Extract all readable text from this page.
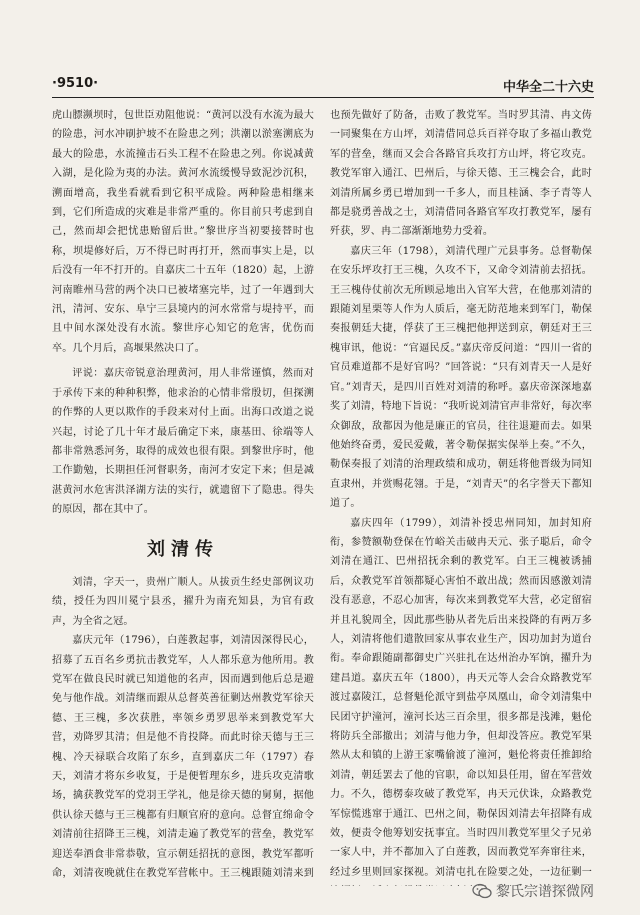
·9510·	中华全二十六史

虎山膘濒坝时，包世臣劝阻他说：“黄河以没有水流为最大的险患，河水冲刷护坡不在险患之列；洪潮以淤塞溯底为最大的险患，水流撞击石头工程不在险患之列。你说减黄入湖，是化险为夷的办法。黄河水流缓慢导致泥沙沉积，溯面增高，我坐看就看到它积平成险。两种险患相继来到，它们所造成的灾难是非常严重的。你目前只考虑到自己，然而却会把忧患贻留后世。”黎世序当初要接替时也称，坝堤修好后，万不得已时再打开，然而事实上是，以后没有一年不打开的。自嘉庆二十五年（1820）起，上游河南睢州马营的两个决口已被堵塞完毕，过了一年遇到大汛，清河、安东、阜宁三县境内的河水常常与堤持平，而且中间水深处没有水流。黎世序心知它的危害，优伤而卒。几个月后，高堰果然决口了。

评说：嘉庆帝锐意治理黄河，用人非常谨慎，然而对于承传下来的种种积弊，他求治的心情非常殷切，但探溯的作弊的人更以欺作的手段来对付上面。出海口改道之说兴起，讨论了几十年才最后确定下来，康基田、徐端等人都非常熟悉河务，取得的成效也很有限。到黎世序时，他工作勤勉，长期担任河督职务，南河才安定下来；但是减湛黄河水危害洪泽湖方法的实行，就遗留下了隐患。得失的原因，都在其中了。

刘清传

刘清，字天一，贵州广顺人。从拔贡生经史部例议功绩，授任为四川冕宁县丞，擢升为南充知县，为官有政声，为全省之冠。

嘉庆元年（1796），白莲教起事，刘清因深得民心，招募了五百名乡勇抗击教党军，人人都乐意为他所用。教党军在做良民时就已知道他的名声，因而遇到他后总是避免与他作战。刘清继而跟从总督英善征剿达州教党军徐天德、王三槐，多次获胜，率领乡勇罗思举来到教党军大营，劝降罗其清；但是他不肯投降。而此时徐天德与王三槐、冷天禄联合攻陷了东乡，直到嘉庆二年（1797）春天，刘清才将东乡收复，于是便暂理东乡，进兵攻克清歌场，擒获教党军的党羽王学礼，他是徐天德的舅舅，据他供认徐天德与王三槐都有归顺官府的意向。总督宜绵命令刘清前往招降王三槐，刘清走遍了教党军的营垒，教党军迎送奉酒食非常恭敬，宣示朝廷招抚的意图，教党军都听命，刘清夜晚就住在教党军营帐中。王三槐跟随刘清来到

也预先做好了防备，击败了教党军。当时罗其清、冉文俦一同聚集在方山坪，刘清借同总兵百祥夺取了多福山教党军的营垒，继而又会合各路官兵攻打方山坪，将它攻克。教党军窜入通江、巴州后，与徐天德、王三槐会合，此时刘清所属乡勇已增加到一千多人，而且桂涵、李子青等人都是骁勇善战之士，刘清借同各路官军攻打教党军，屡有歼获，罗、冉二部渐渐地势力受着。

嘉庆三年（1798），刘清代理广元县事务。总督勒保在安乐坪攻打王三槐，久攻不下，又命令刘清前去招抚。王三槐侍仗前次无所顾忌地出入官军大营，在他那刘清的跟随刘星栗等人作为人质后，毫无防范地来到军门，勒保奏报朝廷大捷，俘获了王三槐把他押送到京，朝廷对王三槐审讯，他说：“官逼民反。”嘉庆帝反问道：“四川一省的官员难道都不是好官吗？”回答说：“只有刘青天一人是好官。”刘青天，是四川百姓对刘清的称呼。嘉庆帝深深地嘉奖了刘清，特地下旨说：“我听说刘清官声非常好，每次率众御敌，敌都因为他是廉正的官员，往往退避而去。如果他始终奋勇，爱民爱戴，著令勒保据实保举上奏。”不久，勒保奏报了刘清的治理政绩和成功，朝廷将他晋级为同知直隶州，并赏赐花翎。于是，“刘青天”的名字誉天下都知道了。

嘉庆四年（1799），刘清补授忠州同知，加封知府衔，参赞额勒登保在竹峪关击破冉天元、张子聪后，命令刘清在通江、巴州招抚余剩的教党军。白王三槐被诱捕后，众教党军首领都疑心害怕不敢出战；然而因感激刘清没有恶意，不忍心加害，每次来到教党军大营，必定留宿并且礼貌周全，因此那些胁从者先后出来投降的有两万多人，刘清将他们遣散回家从事农业生产，因功加封为道台衔。奉命跟随副都御史广兴驻扎在达州治办军饷，擢升为建昌道。嘉庆五年（1800），冉天元等人会合众路教党军渡过嘉陵江，总督魁伦派守到盐亭凤凰山，命令刘清集中民团守护潼河，潼河长达三百余里，很多都是浅滩，魁伦将防兵全部撤出；刘清与他力争，但却没答应。教党军果然从太和镇的上游王家嘴偷渡了潼河，魁伦将责任推卸给刘清，朝廷罢去了他的官职，命以知县任用，留在军营效力。不久，德楞泰攻破了教党军，冉天元伏诛，众路教党军惊慌逃窜于通江、巴州之间，勒保因刘清去年招降有成效，便责令他筹划安抚事宜。当时四川教党军里父子兄弟一家人中，并不都加入了白莲教，因而教党军奔窜往来，经过乡里则回家探视。刘清屯扎在险要之处，一边征剿一

黎氏宗谱探微网
